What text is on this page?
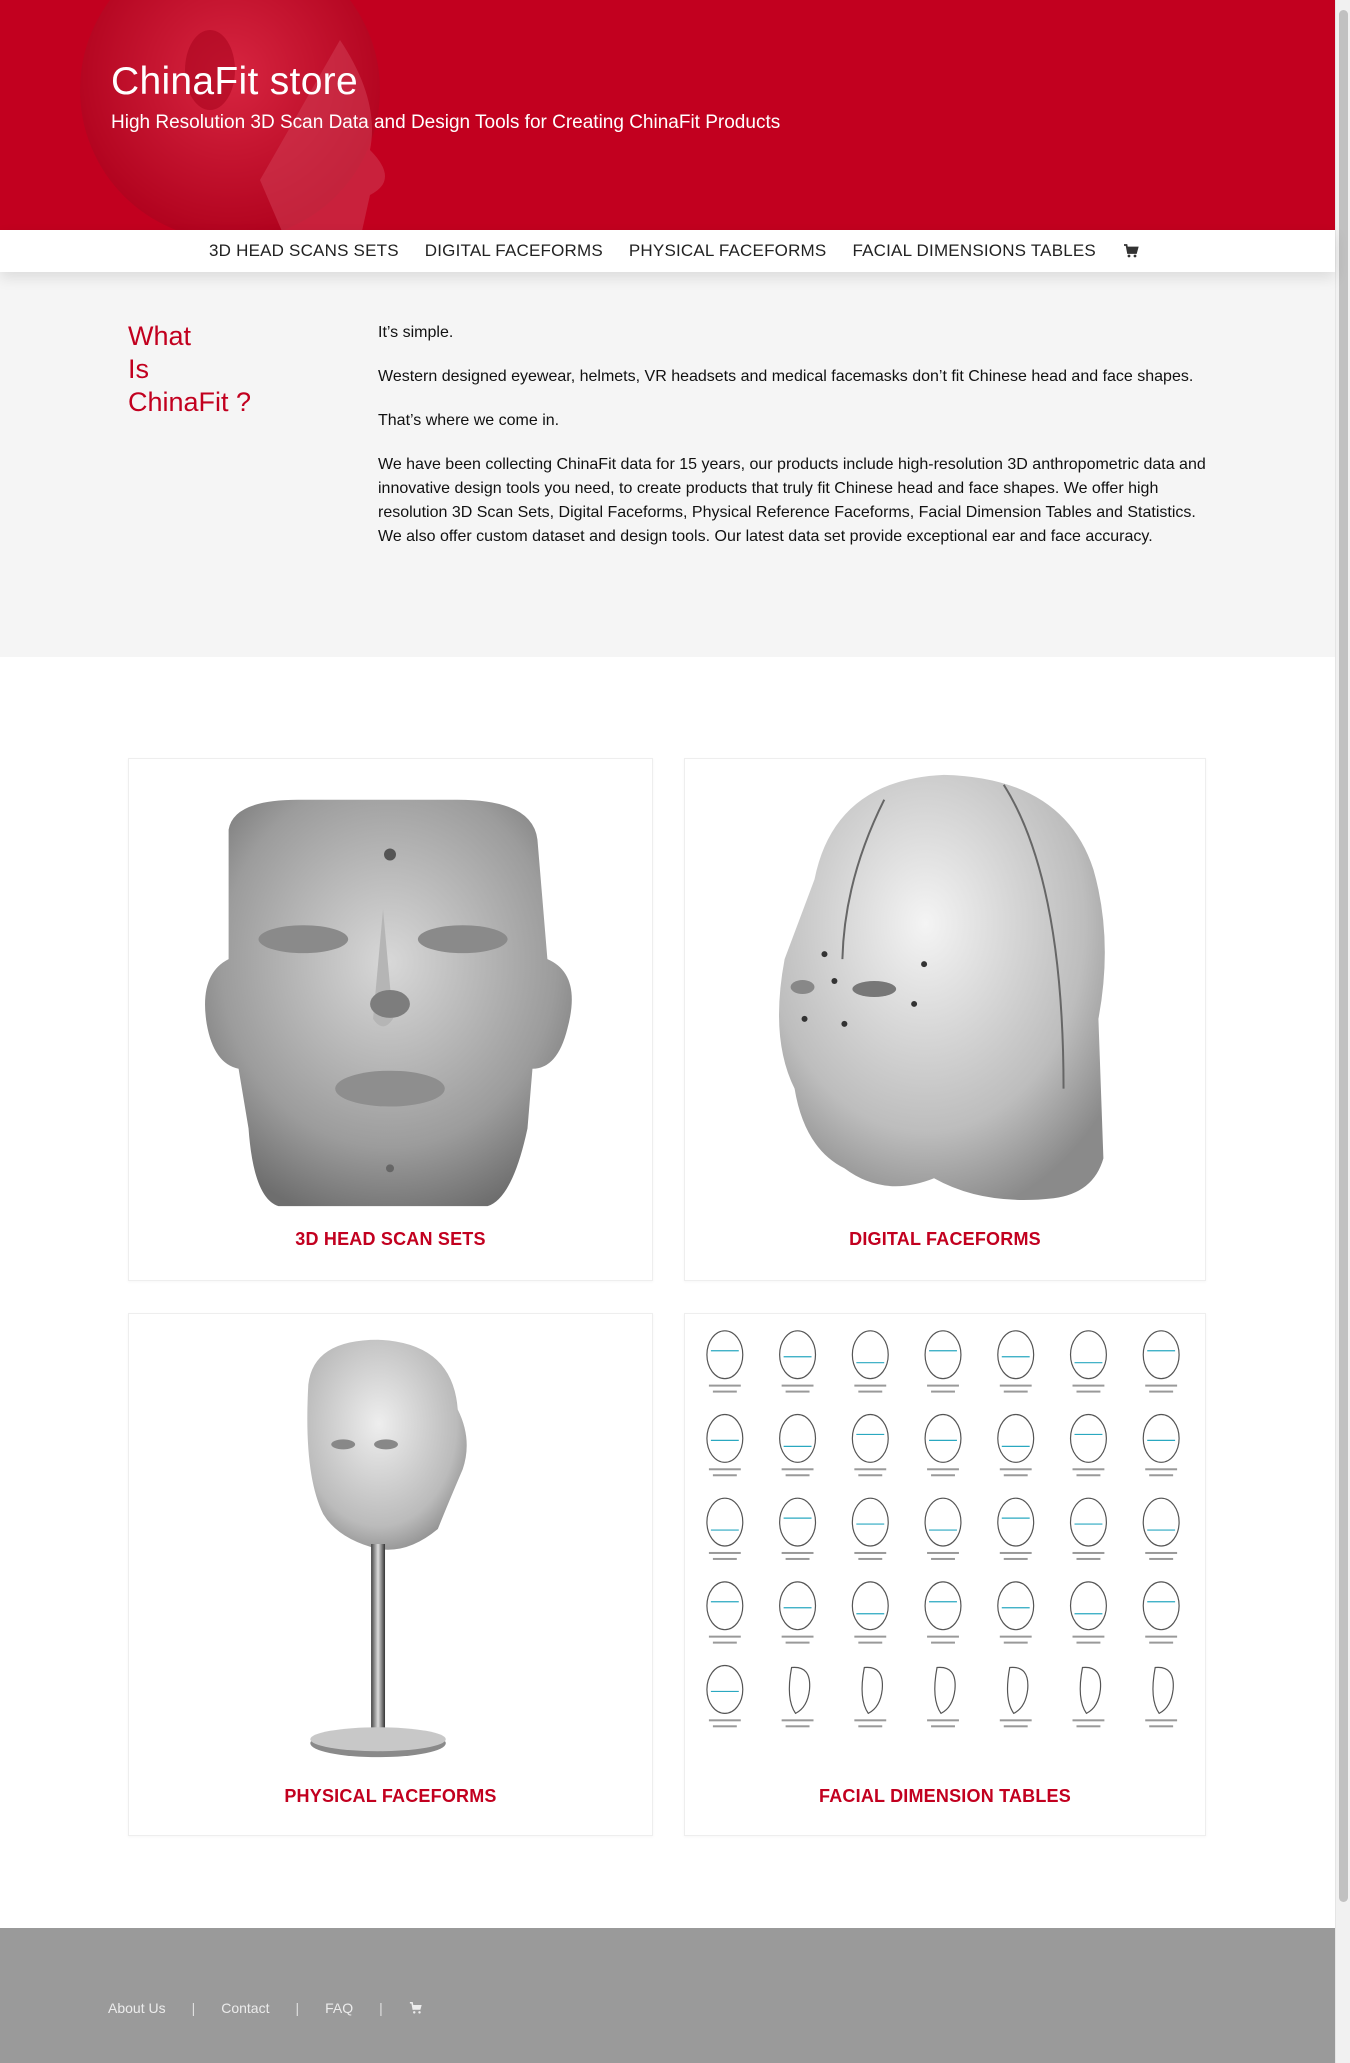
ChinaFit store
High Resolution 3D Scan Data and Design Tools for Creating ChinaFit Products
3D HEAD SCANS SETS DIGITAL FACEFORMS PHYSICAL FACEFORMS FACIAL DIMENSIONS TABLES
What
Is
ChinaFit ?

It’s simple.

Western designed eyewear, helmets, VR headsets and medical facemasks don’t fit Chinese head and face shapes.

That’s where we come in.

We have been collecting ChinaFit data for 15 years, our products include high-resolution 3D anthropometric data and innovative design tools you need, to create products that truly fit Chinese head and face shapes. We offer high resolution 3D Scan Sets, Digital Faceforms, Physical Reference Faceforms, Facial Dimension Tables and Statistics. We also offer custom dataset and design tools. Our latest data set provide exceptional ear and face accuracy.

3D HEAD SCAN SETS	DIGITAL FACEFORMS
PHYSICAL FACEFORMS	FACIAL DIMENSION TABLES
About Us | Contact | FAQ |
